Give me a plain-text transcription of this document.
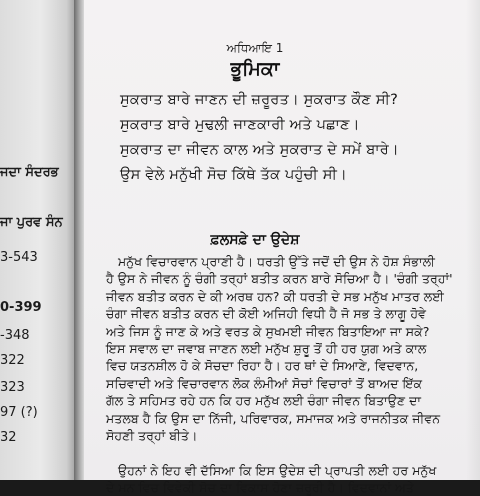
ਜਦਾ ਸੰਦਰਭ
ਜਾ ਪੁਰਵ ਸੰਨ
3-543
0-399
-348
322
323
97 (?)
32
ਅਧਿਆਇ 1
ਭੂਮਿਕਾ
ਸੁਕਰਾਤ ਬਾਰੇ ਜਾਣਨ ਦੀ ਜ਼ਰੂਰਤ। ਸੁਕਰਾਤ ਕੌਣ ਸੀ?
ਸੁਕਰਾਤ ਬਾਰੇ ਮੁਢਲੀ ਜਾਣਕਾਰੀ ਅਤੇ ਪਛਾਣ।
ਸੁਕਰਾਤ ਦਾ ਜੀਵਨ ਕਾਲ ਅਤੇ ਸੁਕਰਾਤ ਦੇ ਸਮੇਂ ਬਾਰੇ।
ਉਸ ਵੇਲੇ ਮਨੁੱਖੀ ਸੋਚ ਕਿੱਥੇ ਤੱਕ ਪਹੁੰਚੀ ਸੀ।
ਫ਼ਲਸਫ਼ੇ ਦਾ ਉਦੇਸ਼
ਮਨੁੱਖ ਵਿਚਾਰਵਾਨ ਪ੍ਰਾਣੀ ਹੈ। ਧਰਤੀ ਉੱਤੇ ਜਦੋਂ ਦੀ ਉਸ ਨੇ ਹੋਸ਼ ਸੰਭਾਲੀ
ਹੈ ਉਸ ਨੇ ਜੀਵਨ ਨੂੰ ਚੰਗੀ ਤਰ੍ਹਾਂ ਬਤੀਤ ਕਰਨ ਬਾਰੇ ਸੋਚਿਆ ਹੈ। 'ਚੰਗੀ ਤਰ੍ਹਾਂ'
ਜੀਵਨ ਬਤੀਤ ਕਰਨ ਦੇ ਕੀ ਅਰਥ ਹਨ? ਕੀ ਧਰਤੀ ਦੇ ਸਭ ਮਨੁੱਖ ਮਾਤਰ ਲਈ
ਚੰਗਾ ਜੀਵਨ ਬਤੀਤ ਕਰਨ ਦੀ ਕੋਈ ਅਜਿਹੀ ਵਿਧੀ ਹੈ ਜੋ ਸਭ ਤੇ ਲਾਗੂ ਹੋਵੇ
ਅਤੇ ਜਿਸ ਨੂੰ ਜਾਣ ਕੇ ਅਤੇ ਵਰਤ ਕੇ ਸੁਖਮਈ ਜੀਵਨ ਬਿਤਾਇਆ ਜਾ ਸਕੇ?
ਇਸ ਸਵਾਲ ਦਾ ਜਵਾਬ ਜਾਣਨ ਲਈ ਮਨੁੱਖ ਸ਼ੁਰੂ ਤੋਂ ਹੀ ਹਰ ਯੁਗ ਅਤੇ ਕਾਲ
ਵਿਚ ਯਤਨਸ਼ੀਲ ਹੋ ਕੇ ਸੋਚਦਾ ਰਿਹਾ ਹੈ। ਹਰ ਥਾਂ ਦੇ ਸਿਆਣੇ, ਵਿਦਵਾਨ,
ਸਚਿਵਾਦੀ ਅਤੇ ਵਿਚਾਰਵਾਨ ਲੋਕ ਲੰਮੀਆਂ ਸੋਚਾਂ ਵਿਚਾਰਾਂ ਤੋਂ ਬਾਅਦ ਇੱਕ
ਗੱਲ ਤੇ ਸਹਿਮਤ ਰਹੇ ਹਨ ਕਿ ਹਰ ਮਨੁੱਖ ਲਈ ਚੰਗਾ ਜੀਵਨ ਬਿਤਾਉਣ ਦਾ
ਮਤਲਬ ਹੈ ਕਿ ਉਸ ਦਾ ਨਿੱਜੀ, ਪਰਿਵਾਰਕ, ਸਮਾਜਕ ਅਤੇ ਰਾਜਨੀਤਕ ਜੀਵਨ
ਸੋਹਣੀ ਤਰ੍ਹਾਂ ਬੀਤੇ।
ਉਹਨਾਂ ਨੇ ਇਹ ਵੀ ਦੱਸਿਆ ਕਿ ਇਸ ਉਦੇਸ਼ ਦੀ ਪ੍ਰਾਪਤੀ ਲਈ ਹਰ ਮਨੁੱਖ
ਦੇ ਮਨ ਵਿਚ ਵਿਵੇਕੀ ਸੋਚ ਦਾ ਵਿਕਾਸ ਹੋਣਾ ਜ਼ਰੂਰੀ ਹੈ। ਵਿਦਵਾਨਾਂ ਅਤੇ
